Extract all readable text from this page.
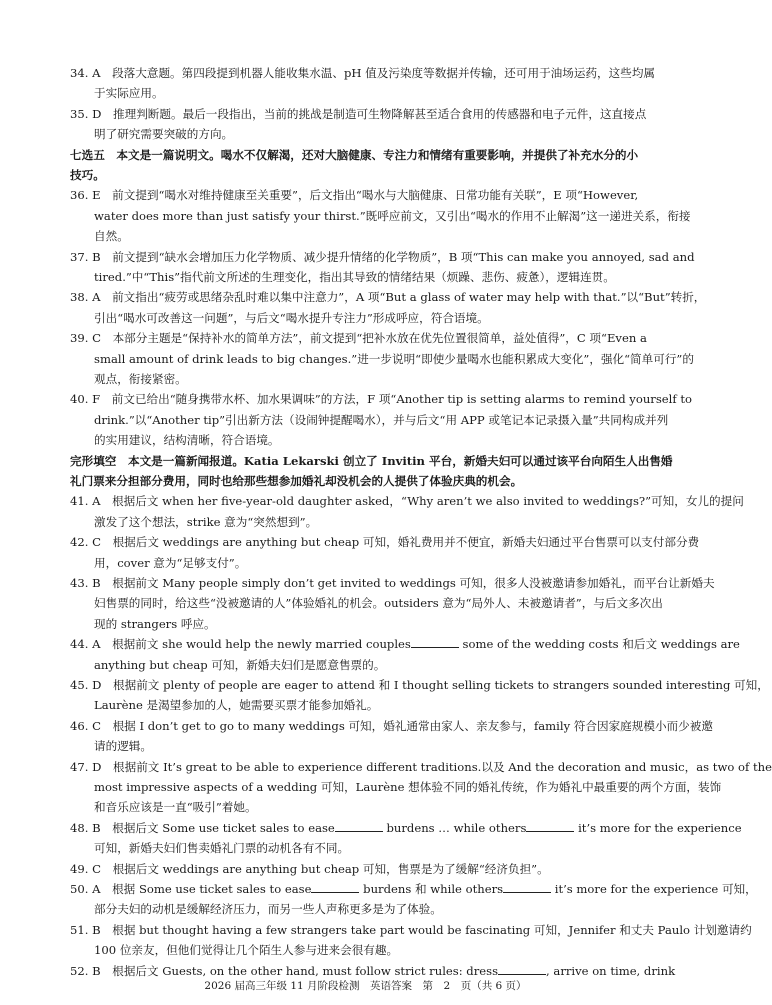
34. A　段落大意题。第四段提到机器人能收集水温、pH 值及污染度等数据并传输，还可用于油场运药，这些均属
于实际应用。
35. D　推理判断题。最后一段指出，当前的挑战是制造可生物降解甚至适合食用的传感器和电子元件，这直接点
明了研究需要突破的方向。
七选五　本文是一篇说明文。喝水不仅解渴，还对大脑健康、专注力和情绪有重要影响，并提供了补充水分的小
技巧。
36. E　前文提到“喝水对维持健康至关重要”，后文指出“喝水与大脑健康、日常功能有关联”，E 项“However,
water does more than just satisfy your thirst.”既呼应前文，又引出“喝水的作用不止解渴”这一递进关系，衔接
自然。
37. B　前文提到“缺水会增加压力化学物质、减少提升情绪的化学物质”，B 项“This can make you annoyed, sad and
tired.”中“This”指代前文所述的生理变化，指出其导致的情绪结果（烦躁、悲伤、疲惫），逻辑连贯。
38. A　前文指出“疲劳或思绪杂乱时难以集中注意力”，A 项“But a glass of water may help with that.”以“But”转折，
引出“喝水可改善这一问题”，与后文“喝水提升专注力”形成呼应，符合语境。
39. C　本部分主题是“保持补水的简单方法”，前文提到“把补水放在优先位置很简单，益处值得”，C 项“Even a
small amount of drink leads to big changes.”进一步说明“即使少量喝水也能积累成大变化”，强化“简单可行”的
观点，衔接紧密。
40. F　前文已给出“随身携带水杯、加水果调味”的方法，F 项“Another tip is setting alarms to remind yourself to
drink.”以“Another tip”引出新方法（设闹钟提醒喝水），并与后文“用 APP 或笔记本记录摄入量”共同构成并列
的实用建议，结构清晰，符合语境。
完形填空　本文是一篇新闻报道。Katia Lekarski 创立了 Invitin 平台，新婚夫妇可以通过该平台向陌生人出售婚
礼门票来分担部分费用，同时也给那些想参加婚礼却没机会的人提供了体验庆典的机会。
41. A　根据后文 when her five-year-old daughter asked，“Why aren’t we also invited to weddings?”可知，女儿的提问
激发了这个想法，strike 意为“突然想到”。
42. C　根据后文 weddings are anything but cheap 可知，婚礼费用并不便宜，新婚夫妇通过平台售票可以支付部分费
用，cover 意为“足够支付”。
43. B　根据前文 Many people simply don’t get invited to weddings 可知，很多人没被邀请参加婚礼，而平台让新婚夫
妇售票的同时，给这些“没被邀请的人”体验婚礼的机会。outsiders 意为“局外人、未被邀请者”，与后文多次出
现的 strangers 呼应。
44. A　根据前文 she would help the newly married couples	some of the wedding costs 和后文 weddings are
anything but cheap 可知，新婚夫妇们是愿意售票的。
45. D　根据前文 plenty of people are eager to attend 和 I thought selling tickets to strangers sounded interesting 可知，
Laurène 是渴望参加的人，她需要买票才能参加婚礼。
46. C　根据 I don’t get to go to many weddings 可知，婚礼通常由家人、亲友参与，family 符合因家庭规模小而少被邀
请的逻辑。
47. D　根据前文 It’s great to be able to experience different traditions.以及 And the decoration and music，as two of the
most impressive aspects of a wedding 可知，Laurène 想体验不同的婚礼传统，作为婚礼中最重要的两个方面，装饰
和音乐应该是一直“吸引”着她。
48. B　根据后文 Some use ticket sales to ease	burdens … while others	it’s more for the experience
可知，新婚夫妇们售卖婚礼门票的动机各有不同。
49. C　根据后文 weddings are anything but cheap 可知，售票是为了缓解“经济负担”。
50. A　根据 Some use ticket sales to ease	burdens 和 while others	it’s more for the experience 可知，
部分夫妇的动机是缓解经济压力，而另一些人声称更多是为了体验。
51. B　根据 but thought having a few strangers take part would be fascinating 可知，Jennifer 和丈夫 Paulo 计划邀请约
100 位亲友，但他们觉得让几个陌生人参与进来会很有趣。
52. B　根据后文 Guests, on the other hand, must follow strict rules: dress	, arrive on time, drink
2026 届高三年级 11 月阶段检测　英语答案　第　2　页（共 6 页）
